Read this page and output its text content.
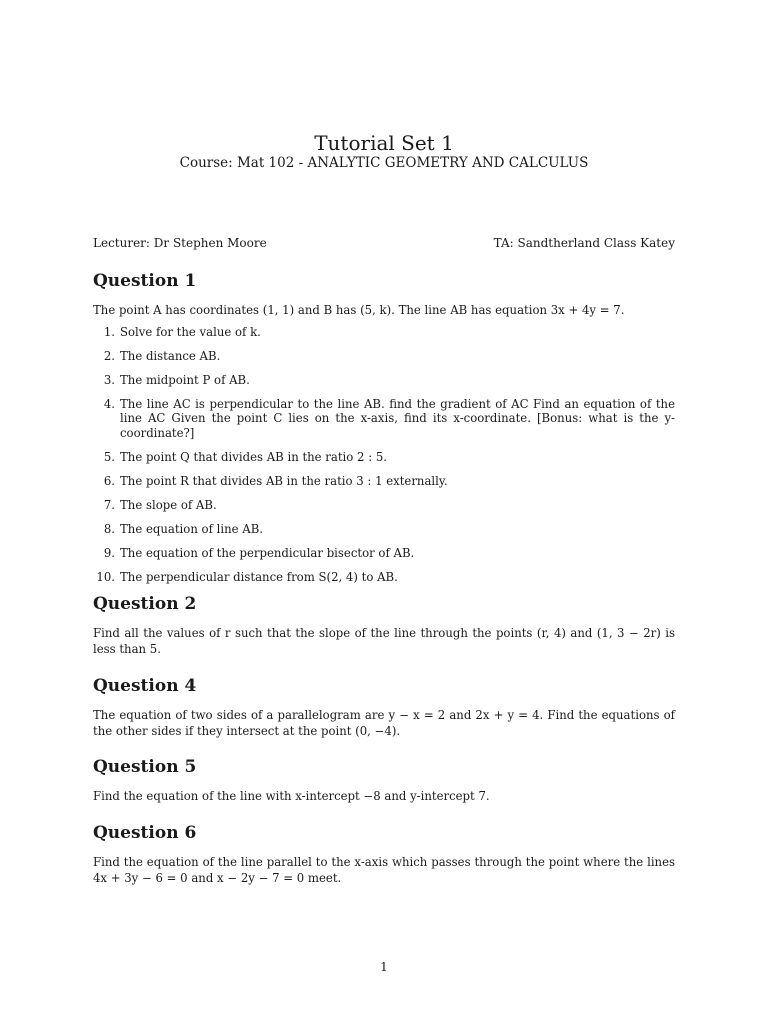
Tutorial Set 1
Course: Mat 102 - ANALYTIC GEOMETRY AND CALCULUS
Lecturer: Dr Stephen Moore	TA: Sandtherland Class Katey
Question 1

The point A has coordinates (1, 1) and B has (5, k). The line AB has equation 3x + 4y = 7.

1. Solve for the value of k.
2. The distance AB.
3. The midpoint P of AB.
4. The line AC is perpendicular to the line AB. find the gradient of AC Find an equation of the line AC Given the point C lies on the x-axis, find its x-coordinate. [Bonus: what is the y-coordinate?]
5. The point Q that divides AB in the ratio 2 : 5.
6. The point R that divides AB in the ratio 3 : 1 externally.
7. The slope of AB.
8. The equation of line AB.
9. The equation of the perpendicular bisector of AB.
10. The perpendicular distance from S(2, 4) to AB.
Question 2

Find all the values of r such that the slope of the line through the points (r, 4) and (1, 3 − 2r) is less than 5.

Question 4

The equation of two sides of a parallelogram are y − x = 2 and 2x + y = 4. Find the equations of the other sides if they intersect at the point (0, −4).

Question 5

Find the equation of the line with x-intercept −8 and y-intercept 7.

Question 6

Find the equation of the line parallel to the x-axis which passes through the point where the lines 4x + 3y − 6 = 0 and x − 2y − 7 = 0 meet.

1
